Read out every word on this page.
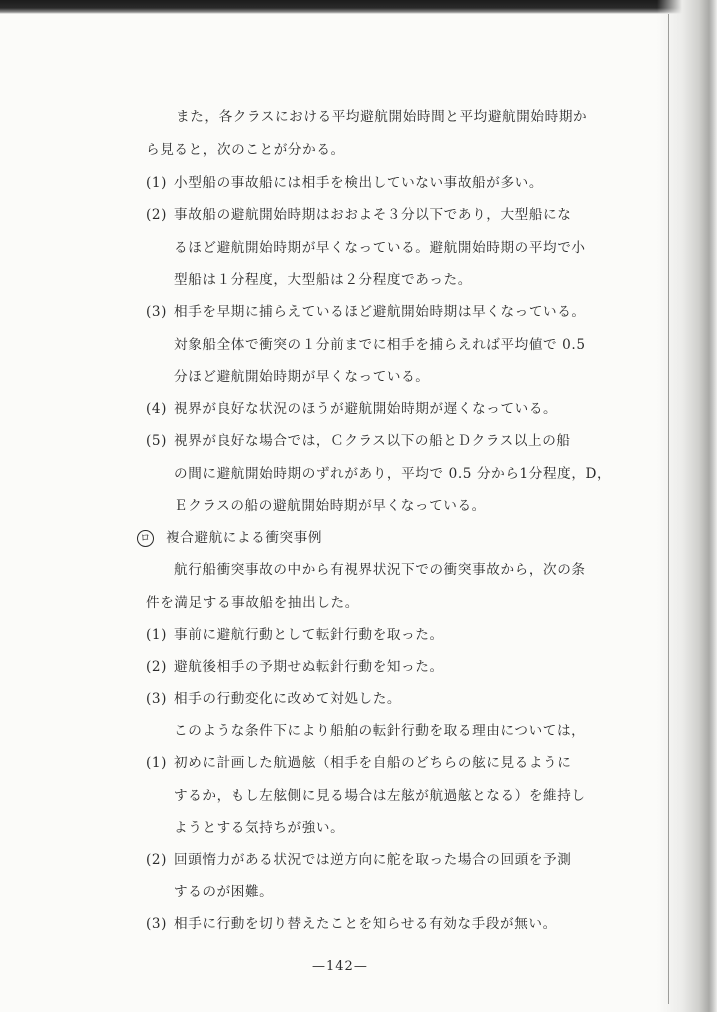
また，各クラスにおける平均避航開始時間と平均避航開始時期か

ら見ると，次のことが分かる。

(1) 小型船の事故船には相手を検出していない事故船が多い。

(2) 事故船の避航開始時期はおおよそ３分以下であり，大型船にな

るほど避航開始時期が早くなっている。避航開始時期の平均で小

型船は１分程度，大型船は２分程度であった。

(3) 相手を早期に捕らえているほど避航開始時期は早くなっている。

対象船全体で衝突の１分前までに相手を捕らえれば平均値で 0.5

分ほど避航開始時期が早くなっている。

(4) 視界が良好な状況のほうが避航開始時期が遅くなっている。

(5) 視界が良好な場合では，Ｃクラス以下の船とＤクラス以上の船

の間に避航開始時期のずれがあり，平均で 0.5 分から1分程度，D，

Ｅクラスの船の避航開始時期が早くなっている。

ロ 複合避航による衝突事例

航行船衝突事故の中から有視界状況下での衝突事故から，次の条

件を満足する事故船を抽出した。

(1) 事前に避航行動として転針行動を取った。

(2) 避航後相手の予期せぬ転針行動を知った。

(3) 相手の行動変化に改めて対処した。

このような条件下により船舶の転針行動を取る理由については，

(1) 初めに計画した航過舷（相手を自船のどちらの舷に見るように

するか，もし左舷側に見る場合は左舷が航過舷となる）を維持し

ようとする気持ちが強い。

(2) 回頭惰力がある状況では逆方向に舵を取った場合の回頭を予測

するのが困難。

(3) 相手に行動を切り替えたことを知らせる有効な手段が無い。

—142—
